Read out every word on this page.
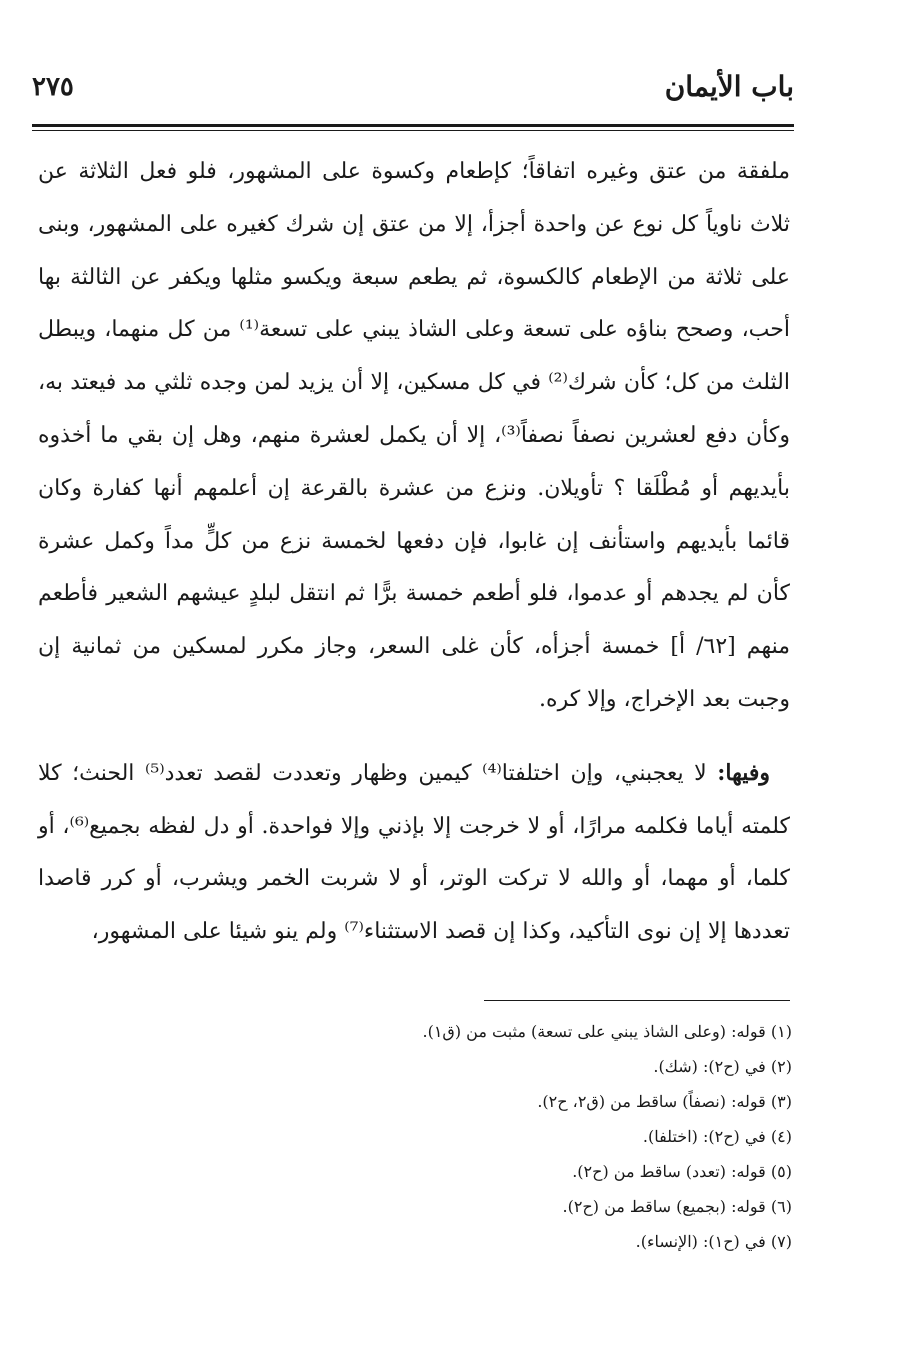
باب الأيمان
٢٧٥

ملفقة من عتق وغيره اتفاقاً؛ كإطعام وكسوة على المشهور، فلو فعل الثلاثة عن ثلاث ناوياً كل نوع عن واحدة أجزأ، إلا من عتق إن شرك كغيره على المشهور، وبنى على ثلاثة من الإطعام كالكسوة، ثم يطعم سبعة ويكسو مثلها ويكفر عن الثالثة بها أحب، وصحح بناؤه على تسعة وعلى الشاذ يبني على تسعة⁽¹⁾ من كل منهما، ويبطل الثلث من كل؛ كأن شرك⁽²⁾ في كل مسكين، إلا أن يزيد لمن وجده ثلثي مد فيعتد به، وكأن دفع لعشرين نصفاً نصفاً⁽³⁾، إلا أن يكمل لعشرة منهم، وهل إن بقي ما أخذوه بأيديهم أو مُطْلَقا ؟ تأويلان. ونزع من عشرة بالقرعة إن أعلمهم أنها كفارة وكان قائما بأيديهم واستأنف إن غابوا، فإن دفعها لخمسة نزع من كلٍّ مداً وكمل عشرة كأن لم يجدهم أو عدموا، فلو أطعم خمسة برًّا ثم انتقل لبلدٍ عيشهم الشعير فأطعم منهم [٦٢/ أ] خمسة أجزأه، كأن غلى السعر، وجاز مكرر لمسكين من ثمانية إن وجبت بعد الإخراج، وإلا كره.

وفيها: لا يعجبني، وإن اختلفتا⁽⁴⁾ كيمين وظهار وتعددت لقصد تعدد⁽⁵⁾ الحنث؛ كلا كلمته أياما فكلمه مرارًا، أو لا خرجت إلا بإذني وإلا فواحدة. أو دل لفظه بجميع⁽⁶⁾، أو كلما، أو مهما، أو والله لا تركت الوتر، أو لا شربت الخمر ويشرب، أو كرر قاصدا تعددها إلا إن نوى التأكيد، وكذا إن قصد الاستثناء⁽⁷⁾ ولم ينو شيئا على المشهور،

(١) قوله: (وعلى الشاذ يبني على تسعة) مثبت من (ق١).
(٢) في (ح٢): (شك).
(٣) قوله: (نصفاً) ساقط من (ق٢، ح٢).
(٤) في (ح٢): (اختلفا).
(٥) قوله: (تعدد) ساقط من (ح٢).
(٦) قوله: (بجميع) ساقط من (ح٢).
(٧) في (ح١): (الإنساء).
